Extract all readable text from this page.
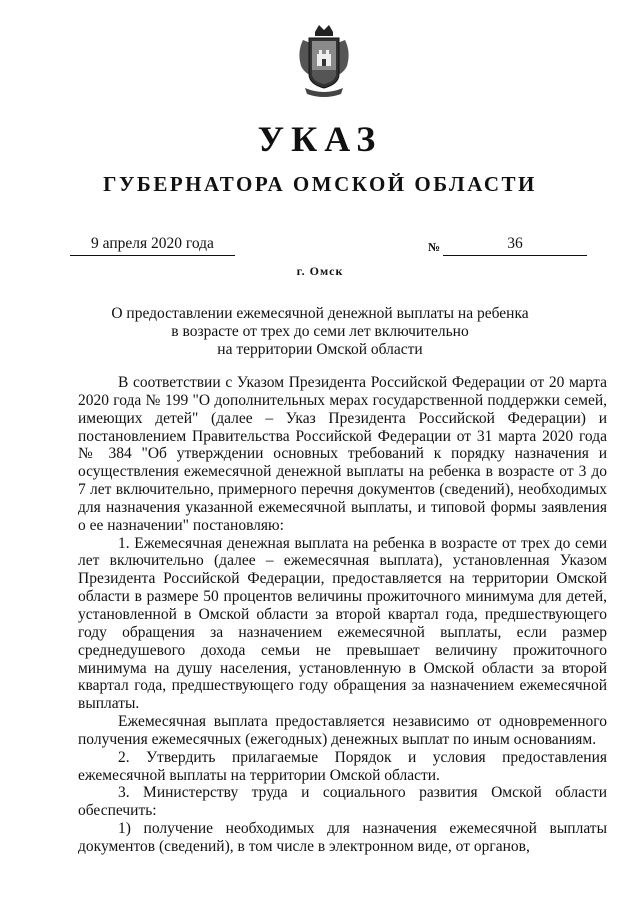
УКАЗ
ГУБЕРНАТОРА ОМСКОЙ ОБЛАСТИ
9 апреля 2020 года	№	36
г. Омск
О предоставлении ежемесячной денежной выплаты на ребенка
в возрасте от трех до семи лет включительно
на территории Омской области

В соответствии с Указом Президента Российской Федерации от 20 марта 2020 года № 199 "О дополнительных мерах государственной поддержки семей, имеющих детей" (далее – Указ Президента Российской Федерации) и постановлением Правительства Российской Федерации от 31 марта 2020 года № 384 "Об утверждении основных требований к порядку назначения и осуществления ежемесячной денежной выплаты на ребенка в возрасте от 3 до 7 лет включительно, примерного перечня документов (сведений), необходимых для назначения указанной ежемесячной выплаты, и типовой формы заявления о ее назначении" постановляю:

1. Ежемесячная денежная выплата на ребенка в возрасте от трех до семи лет включительно (далее – ежемесячная выплата), установленная Указом Президента Российской Федерации, предоставляется на территории Омской области в размере 50 процентов величины прожиточного минимума для детей, установленной в Омской области за второй квартал года, предшествующего году обращения за назначением ежемесячной выплаты, если размер среднедушевого дохода семьи не превышает величину прожиточного минимума на душу населения, установленную в Омской области за второй квартал года, предшествующего году обращения за назначением ежемесячной выплаты.

Ежемесячная выплата предоставляется независимо от одновременного получения ежемесячных (ежегодных) денежных выплат по иным основаниям.

2. Утвердить прилагаемые Порядок и условия предоставления ежемесячной выплаты на территории Омской области.

3. Министерству труда и социального развития Омской области обеспечить:

1) получение необходимых для назначения ежемесячной выплаты документов (сведений), в том числе в электронном виде, от органов,
